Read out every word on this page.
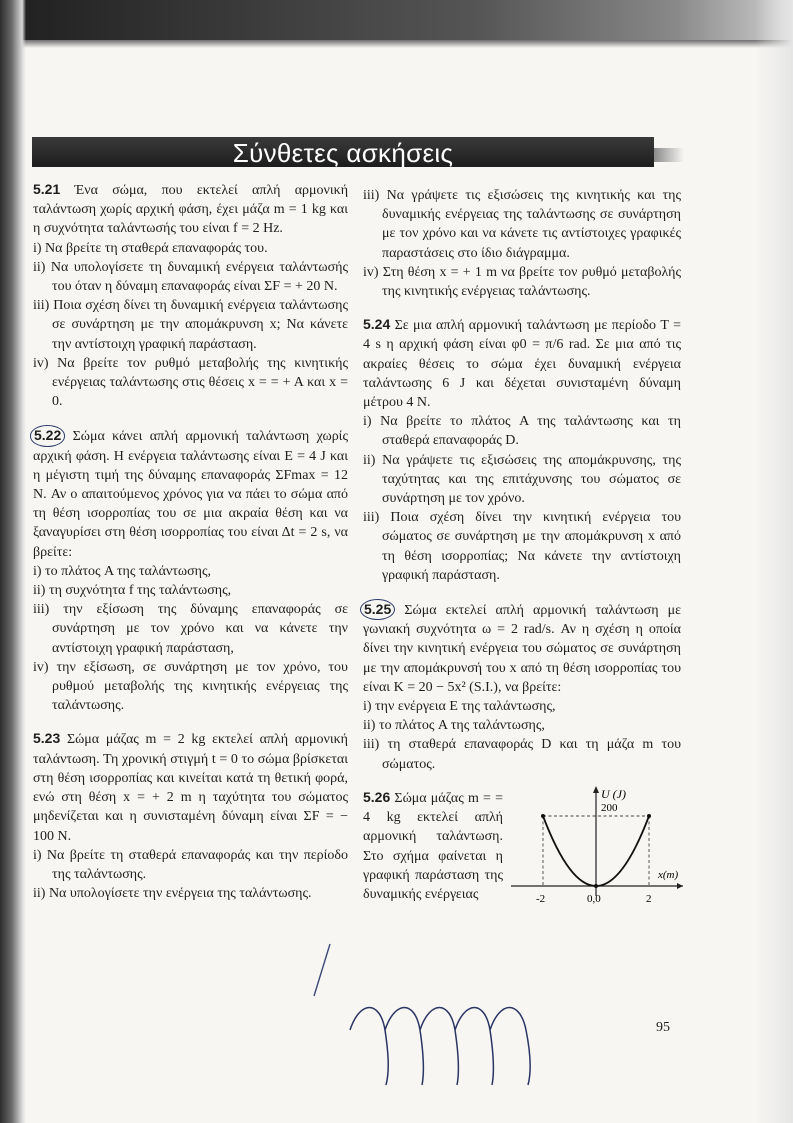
Σύνθετες ασκήσεις

5.21 Ένα σώμα, που εκτελεί απλή αρμονική ταλάντωση χωρίς αρχική φάση, έχει μάζα m = 1 kg και η συχνότητα ταλάντωσής του είναι f = 2 Hz.

i) Να βρείτε τη σταθερά επαναφοράς του.

ii) Να υπολογίσετε τη δυναμική ενέργεια ταλάντωσής του όταν η δύναμη επαναφοράς είναι ΣF = + 20 N.

iii) Ποια σχέση δίνει τη δυναμική ενέργεια ταλάντωσης σε συνάρτηση με την απομάκρυνση x; Να κάνετε την αντίστοιχη γραφική παράσταση.

iv) Να βρείτε τον ρυθμό μεταβολής της κινητικής ενέργειας ταλάντωσης στις θέσεις x = = + A και x = 0.

5.22 Σώμα κάνει απλή αρμονική ταλάντωση χωρίς αρχική φάση. Η ενέργεια ταλάντωσης είναι E = 4 J και η μέγιστη τιμή της δύναμης επαναφοράς ΣFmax = 12 N. Αν ο απαιτούμενος χρόνος για να πάει το σώμα από τη θέση ισορροπίας του σε μια ακραία θέση και να ξαναγυρίσει στη θέση ισορροπίας του είναι Δt = 2 s, να βρείτε:

i) το πλάτος A της ταλάντωσης,

ii) τη συχνότητα f της ταλάντωσης,

iii) την εξίσωση της δύναμης επαναφοράς σε συνάρτηση με τον χρόνο και να κάνετε την αντίστοιχη γραφική παράσταση,

iv) την εξίσωση, σε συνάρτηση με τον χρόνο, του ρυθμού μεταβολής της κινητικής ενέργειας της ταλάντωσης.

5.23 Σώμα μάζας m = 2 kg εκτελεί απλή αρμονική ταλάντωση. Τη χρονική στιγμή t = 0 το σώμα βρίσκεται στη θέση ισορροπίας και κινείται κατά τη θετική φορά, ενώ στη θέση x = + 2 m η ταχύτητα του σώματος μηδενίζεται και η συνισταμένη δύναμη είναι ΣF = − 100 N.

i) Να βρείτε τη σταθερά επαναφοράς και την περίοδο της ταλάντωσης.

ii) Να υπολογίσετε την ενέργεια της ταλάντωσης.

iii) Να γράψετε τις εξισώσεις της κινητικής και της δυναμικής ενέργειας της ταλάντωσης σε συνάρτηση με τον χρόνο και να κάνετε τις αντίστοιχες γραφικές παραστάσεις στο ίδιο διάγραμμα.

iv) Στη θέση x = + 1 m να βρείτε τον ρυθμό μεταβολής της κινητικής ενέργειας ταλάντωσης.

5.24 Σε μια απλή αρμονική ταλάντωση με περίοδο T = 4 s η αρχική φάση είναι φ0 = π/6 rad. Σε μια από τις ακραίες θέσεις το σώμα έχει δυναμική ενέργεια ταλάντωσης 6 J και δέχεται συνισταμένη δύναμη μέτρου 4 N.

i) Να βρείτε το πλάτος A της ταλάντωσης και τη σταθερά επαναφοράς D.

ii) Να γράψετε τις εξισώσεις της απομάκρυνσης, της ταχύτητας και της επιτάχυνσης του σώματος σε συνάρτηση με τον χρόνο.

iii) Ποια σχέση δίνει την κινητική ενέργεια του σώματος σε συνάρτηση με την απομάκρυνση x από τη θέση ισορροπίας; Να κάνετε την αντίστοιχη γραφική παράσταση.

5.25 Σώμα εκτελεί απλή αρμονική ταλάντωση με γωνιακή συχνότητα ω = 2 rad/s. Αν η σχέση η οποία δίνει την κινητική ενέργεια του σώματος σε συνάρτηση με την απομάκρυνσή του x από τη θέση ισορροπίας του είναι K = 20 − 5x² (S.I.), να βρείτε:

i) την ενέργεια E της ταλάντωσης,

ii) το πλάτος A της ταλάντωσης,

iii) τη σταθερά επαναφοράς D και τη μάζα m του σώματος.

5.26 Σώμα μάζας m = = 4 kg εκτελεί απλή αρμονική ταλάντωση. Στο σχήμα φαίνεται η γραφική παράσταση της δυναμικής ενέργειας
U (J)
x(m)
200
-2	0,0	2
95
